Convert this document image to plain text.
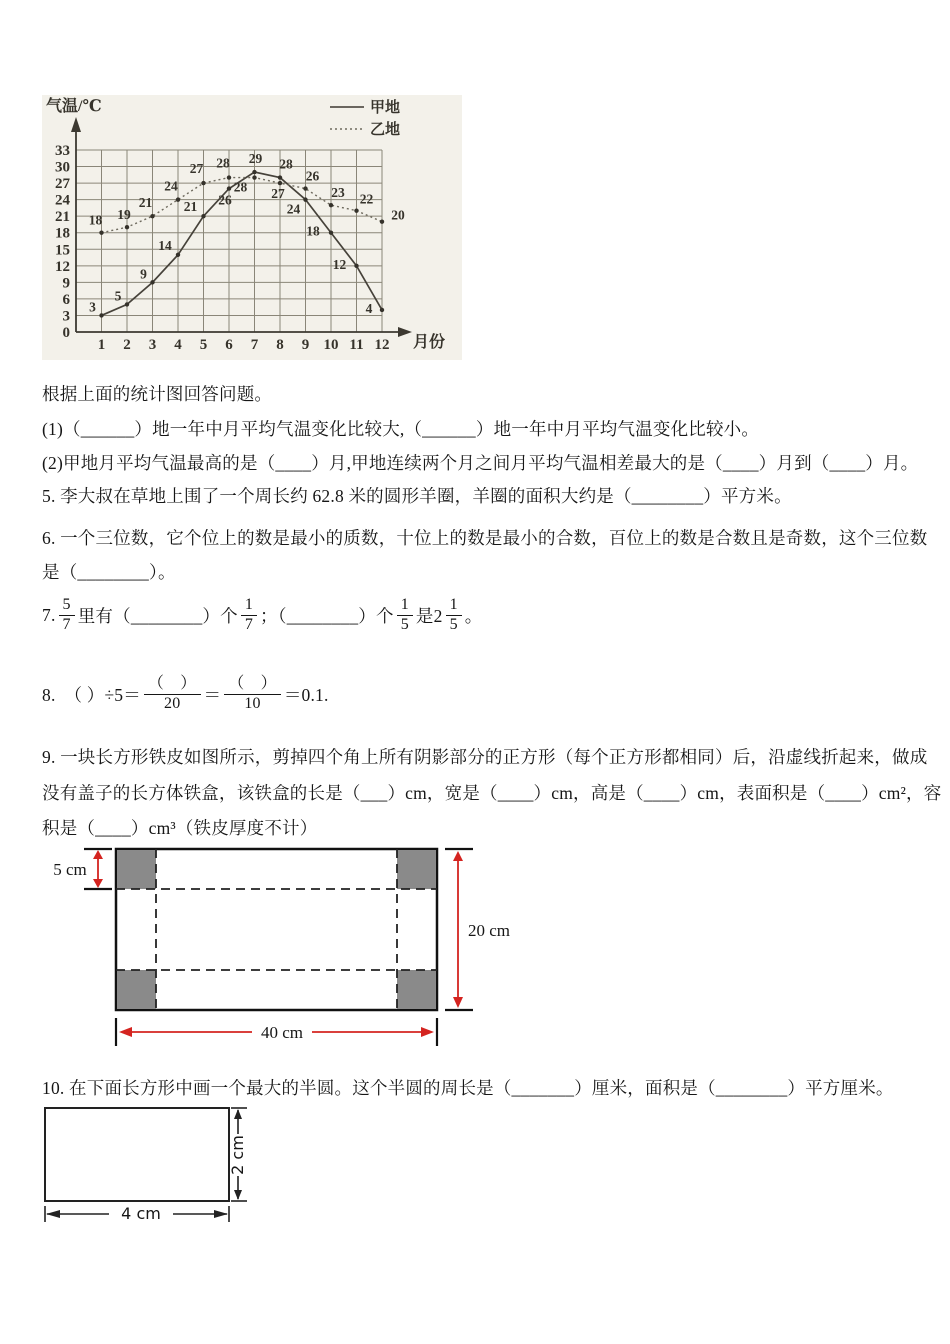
0
3
6
9
12
15
18
21
24
27
30
33
1 2 3 4 5 6 7 8 9 10 11 12
气温/℃
月份
甲地
乙地
3
5
9
14
21 26
29 28
24
18
12
4
18 19
21
24
27 28
28 27
26
23 22
20
根据上面的统计图回答问题。
(1)（______）地一年中月平均气温变化比较大,（______）地一年中月平均气温变化比较小。
(2)甲地月平均气温最高的是（____）月,甲地连续两个月之间月平均气温相差最大的是（____）月到（____）月。
5. 李大叔在草地上围了一个周长约 62.8 米的圆形羊圈，羊圈的面积大约是（________）平方米。
6. 一个三位数，它个位上的数是最小的质数，十位上的数是最小的合数，百位上的数是合数且是奇数，这个三位数
是（________）。
7. $\frac{5}{7}$ 里有（________）个 $\frac{1}{7}$ ；（________）个 $\frac{1}{5}$ 是$2 \frac{1}{5}$ 。
8.　（ ）$\div 5= \frac{( )}{20} = \frac{( )}{10} =0.1$.
9. 一块长方形铁皮如图所示，剪掉四个角上所有阴影部分的正方形（每个正方形都相同）后，沿虚线折起来，做成
没有盖子的长方体铁盒，该铁盒的长是（___）cm，宽是（____）cm，高是（____）cm，表面积是（____）cm²，容
积是（____）cm³（铁皮厚度不计）
5 cm
20 cm
40 cm
10. 在下面长方形中画一个最大的半圆。这个半圆的周长是（_______）厘米，面积是（________）平方厘米。
2 cm
4 cm
